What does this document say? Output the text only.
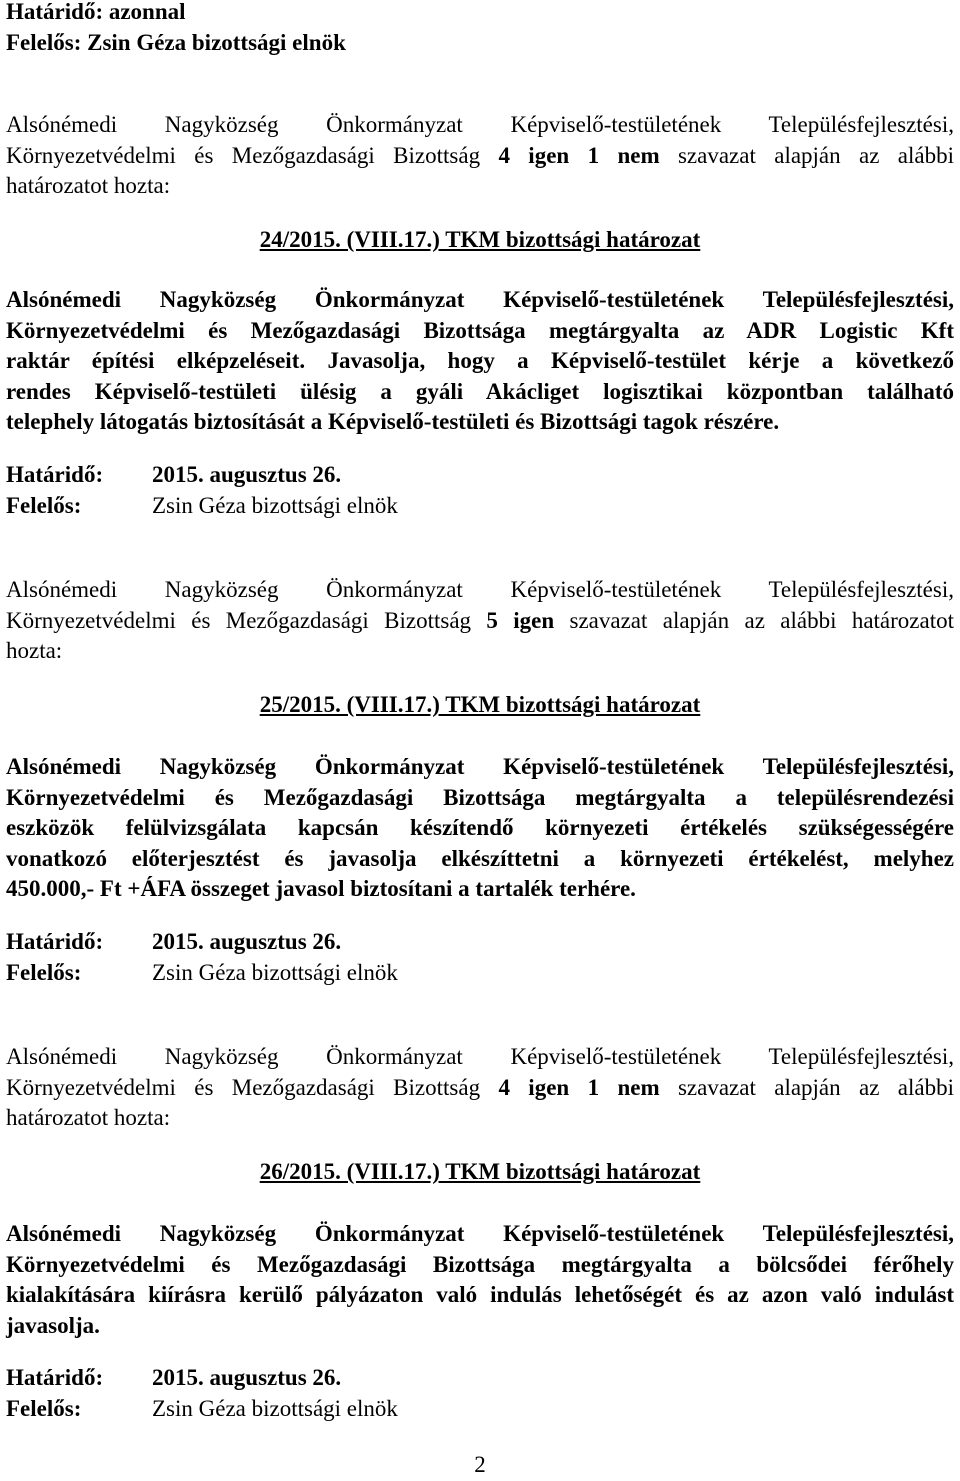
Határidő: azonnal
Felelős: Zsin Géza bizottsági elnök
Alsónémedi Nagyközség Önkormányzat Képviselő-testületének Településfejlesztési,
Környezetvédelmi és Mezőgazdasági Bizottság 4 igen 1 nem szavazat alapján az alábbi
határozatot hozta:
24/2015. (VIII.17.) TKM bizottsági határozat
Alsónémedi Nagyközség Önkormányzat Képviselő-testületének Településfejlesztési,
Környezetvédelmi és Mezőgazdasági Bizottsága megtárgyalta az ADR Logistic Kft
raktár építési elképzeléseit. Javasolja, hogy a Képviselő-testület kérje a következő
rendes Képviselő-testületi ülésig a gyáli Akácliget logisztikai központban található
telephely látogatás biztosítását a Képviselő-testületi és Bizottsági tagok részére.
Határidő: 2015. augusztus 26.
Felelős:	Zsin Géza bizottsági elnök
Alsónémedi Nagyközség Önkormányzat Képviselő-testületének Településfejlesztési,
Környezetvédelmi és Mezőgazdasági Bizottság 5 igen szavazat alapján az alábbi határozatot
hozta:
25/2015. (VIII.17.) TKM bizottsági határozat
Alsónémedi Nagyközség Önkormányzat Képviselő-testületének Településfejlesztési,
Környezetvédelmi és Mezőgazdasági Bizottsága megtárgyalta a településrendezési
eszközök felülvizsgálata kapcsán készítendő környezeti értékelés szükségességére
vonatkozó előterjesztést és javasolja elkészíttetni a környezeti értékelést, melyhez
450.000,- Ft +ÁFA összeget javasol biztosítani a tartalék terhére.
Határidő: 2015. augusztus 26.
Felelős:	Zsin Géza bizottsági elnök
Alsónémedi Nagyközség Önkormányzat Képviselő-testületének Településfejlesztési,
Környezetvédelmi és Mezőgazdasági Bizottság 4 igen 1 nem szavazat alapján az alábbi
határozatot hozta:
26/2015. (VIII.17.) TKM bizottsági határozat
Alsónémedi Nagyközség Önkormányzat Képviselő-testületének Településfejlesztési,
Környezetvédelmi és Mezőgazdasági Bizottsága megtárgyalta a bölcsődei férőhely
kialakítására kiírásra kerülő pályázaton való indulás lehetőségét és az azon való indulást
javasolja.
Határidő: 2015. augusztus 26.
Felelős:	Zsin Géza bizottsági elnök
2
